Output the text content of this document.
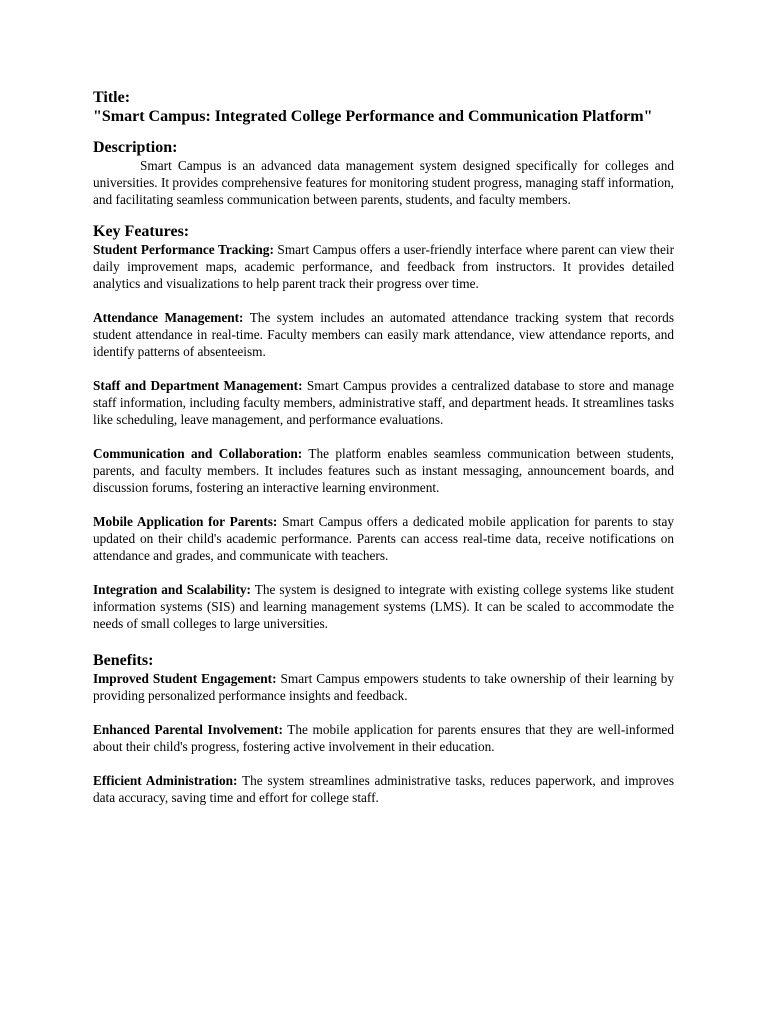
Title:

"Smart Campus: Integrated College Performance and Communication Platform"

Description:

Smart Campus is an advanced data management system designed specifically for colleges and universities. It provides comprehensive features for monitoring student progress, managing staff information, and facilitating seamless communication between parents, students, and faculty members.

Key Features:

Student Performance Tracking: Smart Campus offers a user-friendly interface where parent can view their daily improvement maps, academic performance, and feedback from instructors. It provides detailed analytics and visualizations to help parent track their progress over time.

Attendance Management: The system includes an automated attendance tracking system that records student attendance in real-time. Faculty members can easily mark attendance, view attendance reports, and identify patterns of absenteeism.

Staff and Department Management: Smart Campus provides a centralized database to store and manage staff information, including faculty members, administrative staff, and department heads. It streamlines tasks like scheduling, leave management, and performance evaluations.

Communication and Collaboration: The platform enables seamless communication between students, parents, and faculty members. It includes features such as instant messaging, announcement boards, and discussion forums, fostering an interactive learning environment.

Mobile Application for Parents: Smart Campus offers a dedicated mobile application for parents to stay updated on their child's academic performance. Parents can access real-time data, receive notifications on attendance and grades, and communicate with teachers.

Integration and Scalability: The system is designed to integrate with existing college systems like student information systems (SIS) and learning management systems (LMS). It can be scaled to accommodate the needs of small colleges to large universities.

Benefits:

Improved Student Engagement: Smart Campus empowers students to take ownership of their learning by providing personalized performance insights and feedback.

Enhanced Parental Involvement: The mobile application for parents ensures that they are well-informed about their child's progress, fostering active involvement in their education.

Efficient Administration: The system streamlines administrative tasks, reduces paperwork, and improves data accuracy, saving time and effort for college staff.
